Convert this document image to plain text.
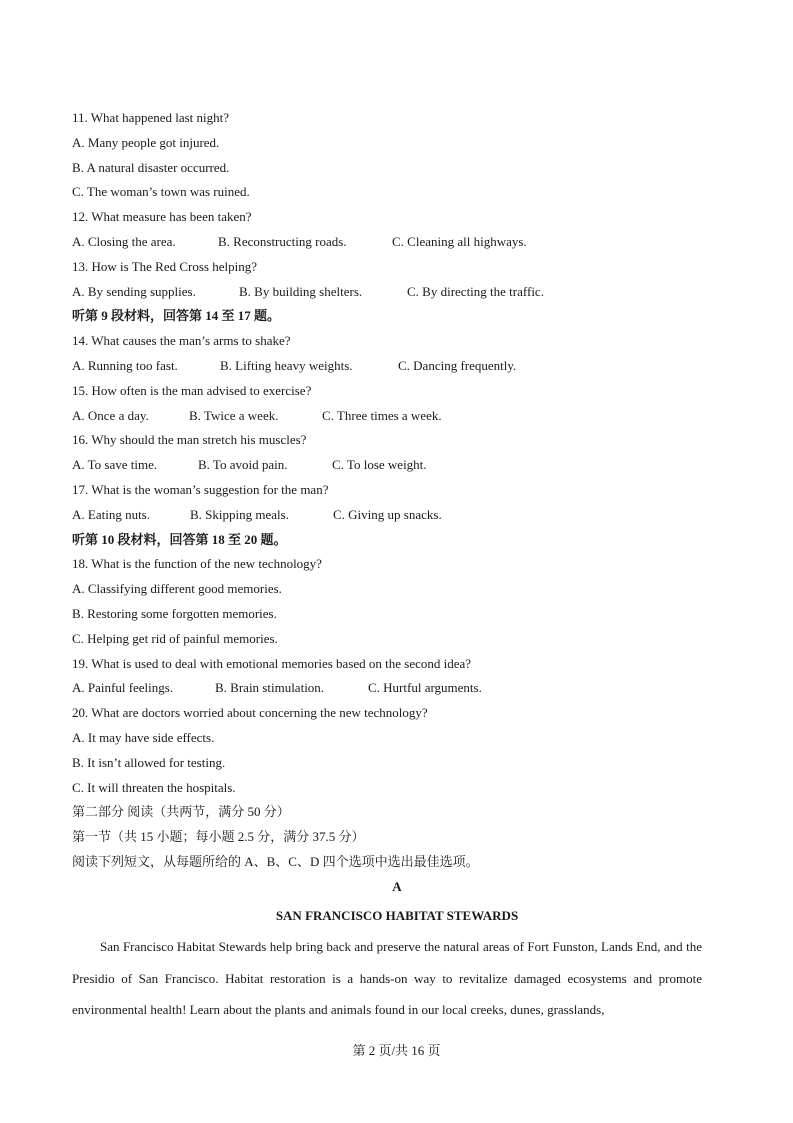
11. What happened last night?
A. Many people got injured.
B. A natural disaster occurred.
C. The woman’s town was ruined.
12. What measure has been taken?
A. Closing the area.	B. Reconstructing roads.	C. Cleaning all highways.
13. How is The Red Cross helping?
A. By sending supplies.	B. By building shelters.	C. By directing the traffic.
听第 9 段材料，回答第 14 至 17 题。
14. What causes the man’s arms to shake?
A. Running too fast.	B. Lifting heavy weights.	C. Dancing frequently.
15. How often is the man advised to exercise?
A. Once a day.	B. Twice a week.	C. Three times a week.
16. Why should the man stretch his muscles?
A. To save time.	B. To avoid pain.	C. To lose weight.
17. What is the woman’s suggestion for the man?
A. Eating nuts.	B. Skipping meals.	C. Giving up snacks.
听第 10 段材料，回答第 18 至 20 题。
18. What is the function of the new technology?
A. Classifying different good memories.
B. Restoring some forgotten memories.
C. Helping get rid of painful memories.
19. What is used to deal with emotional memories based on the second idea?
A. Painful feelings.	B. Brain stimulation.	C. Hurtful arguments.
20. What are doctors worried about concerning the new technology?
A. It may have side effects.
B. It isn’t allowed for testing.
C. It will threaten the hospitals.
第二部分 阅读（共两节，满分 50 分）
第一节（共 15 小题；每小题 2.5 分，满分 37.5 分）
阅读下列短文，从每题所给的 A、B、C、D 四个选项中选出最佳选项。
A
SAN FRANCISCO HABITAT STEWARDS
San Francisco Habitat Stewards help bring back and preserve the natural areas of Fort Funston, Lands End, and the Presidio of San Francisco. Habitat restoration is a hands-on way to revitalize damaged ecosystems and promote environmental health! Learn about the plants and animals found in our local creeks, dunes, grasslands,
第 2 页/共 16 页
